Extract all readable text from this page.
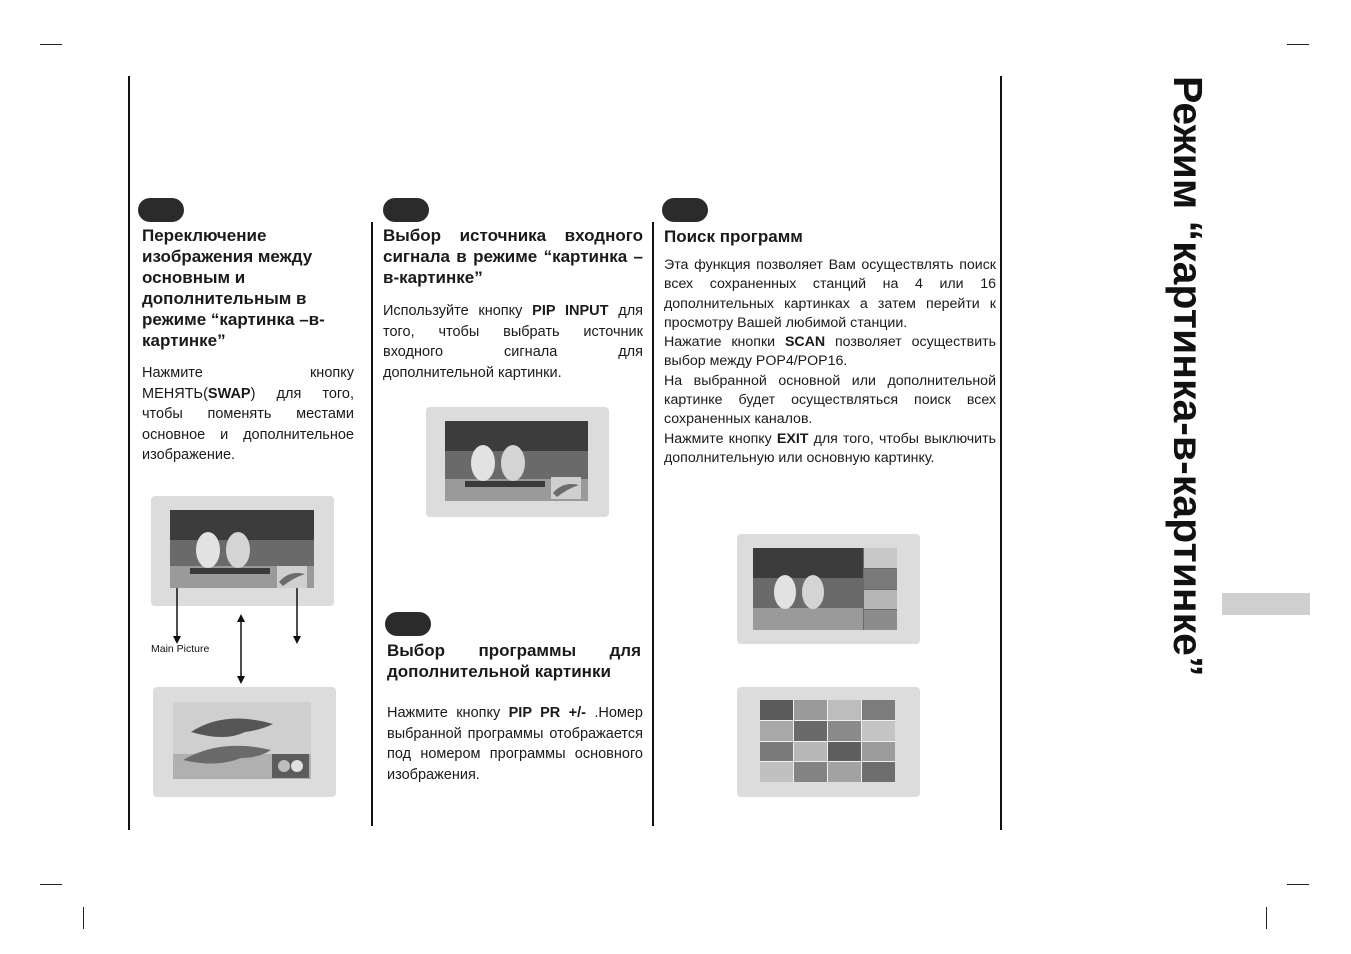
Режим “картинка-в-картинке”
Переключение изображения между основным и дополнительным в режиме “картинка –в-картинке”
Нажмите кнопку МЕНЯТЬ(SWAP) для того, чтобы поменять местами основное и дополнительное изображение.
Main Picture
Выбор источника входного сигнала в режиме “картинка –в-картинке”
Используйте кнопку PIP INPUT для того, чтобы выбрать источник входного сигнала для дополнительной картинки.
Выбор программы для дополнительной картинки
Нажмите кнопку PIP PR +/- .Номер выбранной программы отображается под номером программы основного изображения.
Поиск программ
Эта функция позволяет Вам осуществлять поиск всех сохраненных станций на 4 или 16 дополнительных картинках а затем перейти к просмотру Вашей любимой станции.
Нажатие кнопки SCAN позволяет осуществить выбор между POP4/POP16.
На выбранной основной или дополнительной картинке будет осуществляться поиск всех сохраненных каналов.
Нажмите кнопку EXIT для того, чтобы выключить дополнительную или основную картинку.
